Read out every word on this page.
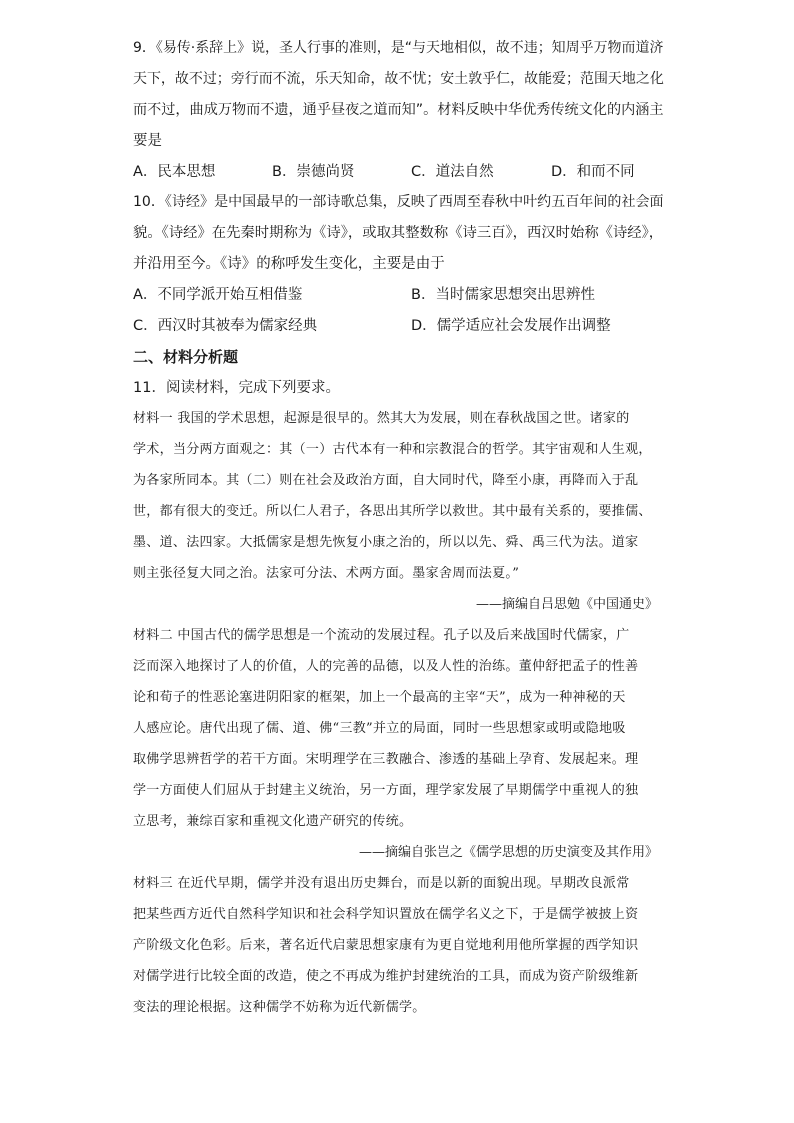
9．《易传·系辞上》说，圣人行事的准则，是“与天地相似，故不违；知周乎万物而道济
天下，故不过；旁行而不流，乐天知命，故不忧；安土敦乎仁，故能爱；范围天地之化
而不过，曲成万物而不遗，通乎昼夜之道而知”。材料反映中华优秀传统文化的内涵主
要是
A．民本思想	B．崇德尚贤	C．道法自然	D．和而不同
10．《诗经》是中国最早的一部诗歌总集，反映了西周至春秋中叶约五百年间的社会面
貌。《诗经》在先秦时期称为《诗》，或取其整数称《诗三百》，西汉时始称《诗经》，
并沿用至今。《诗》的称呼发生变化，主要是由于
A．不同学派开始互相借鉴	B．当时儒家思想突出思辨性
C．西汉时其被奉为儒家经典	D．儒学适应社会发展作出调整
二、材料分析题
11．阅读材料，完成下列要求。
材料一 我国的学术思想，起源是很早的。然其大为发展，则在春秋战国之世。诸家的
学术，当分两方面观之：其（一）古代本有一种和宗教混合的哲学。其宇宙观和人生观，
为各家所同本。其（二）则在社会及政治方面，自大同时代，降至小康，再降而入于乱
世，都有很大的变迁。所以仁人君子，各思出其所学以救世。其中最有关系的，要推儒、
墨、道、法四家。大抵儒家是想先恢复小康之治的，所以以先、舜、禹三代为法。道家
则主张径复大同之治。法家可分法、术两方面。墨家舍周而法夏。”
——摘编自吕思勉《中国通史》
材料二 中国古代的儒学思想是一个流动的发展过程。孔子以及后来战国时代儒家，广
泛而深入地探讨了人的价值，人的完善的品德，以及人性的治练。董仲舒把孟子的性善
论和荀子的性恶论塞进阴阳家的框架，加上一个最高的主宰“天”，成为一种神秘的天
人感应论。唐代出现了儒、道、佛“三教”并立的局面，同时一些思想家或明或隐地吸
取佛学思辨哲学的若干方面。宋明理学在三教融合、渗透的基础上孕育、发展起来。理
学一方面使人们屈从于封建主义统治，另一方面，理学家发展了早期儒学中重视人的独
立思考，兼综百家和重视文化遗产研究的传统。
——摘编自张岂之《儒学思想的历史演变及其作用》
材料三 在近代早期，儒学并没有退出历史舞台，而是以新的面貌出现。早期改良派常
把某些西方近代自然科学知识和社会科学知识置放在儒学名义之下，于是儒学被披上资
产阶级文化色彩。后来，著名近代启蒙思想家康有为更自觉地利用他所掌握的西学知识
对儒学进行比较全面的改造，使之不再成为维护封建统治的工具，而成为资产阶级维新
变法的理论根据。这种儒学不妨称为近代新儒学。
